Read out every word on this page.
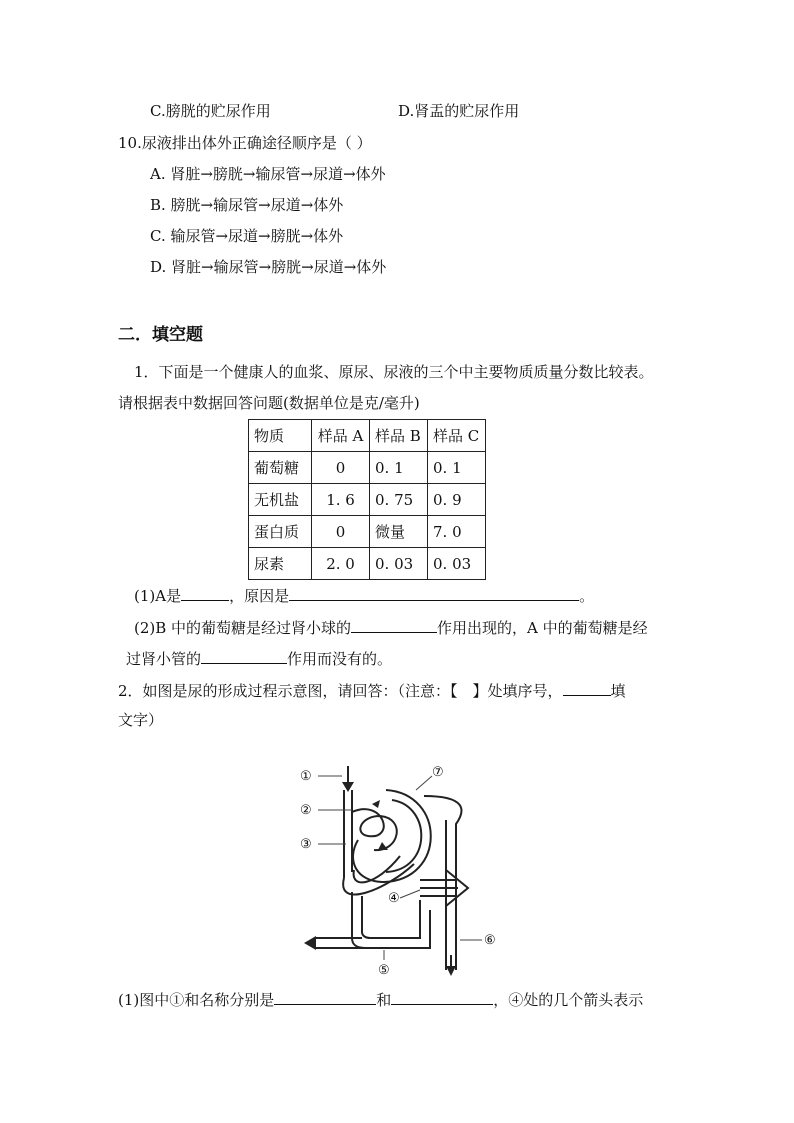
C.膀胱的贮尿作用	D.肾盂的贮尿作用
10.尿液排出体外正确途径顺序是（ ）
A. 肾脏→膀胱→输尿管→尿道→体外
B. 膀胱→输尿管→尿道→体外
C. 输尿管→尿道→膀胱→体外
D. 肾脏→输尿管→膀胱→尿道→体外
二．填空题
1．下面是一个健康人的血浆、原尿、尿液的三个中主要物质质量分数比较表。
请根据表中数据回答问题(数据单位是克/毫升)
物质	样品 A	样品 B	样品 C
葡萄糖	0	0. 1	0. 1
无机盐	1. 6	0. 75	0. 9
蛋白质	0	微量	7. 0
尿素	2. 0	0. 03	0. 03
(1)A是	，原因是	。
(2)B 中的葡萄糖是经过肾小球的	作用出现的，A 中的葡萄糖是经
过肾小管的	作用而没有的。
2．如图是尿的形成过程示意图，请回答：（注意：【　】处填序号，	填
文字）
①
②
③
④
⑤
⑥
⑦
(1)图中①和名称分别是	和	，④处的几个箭头表示
